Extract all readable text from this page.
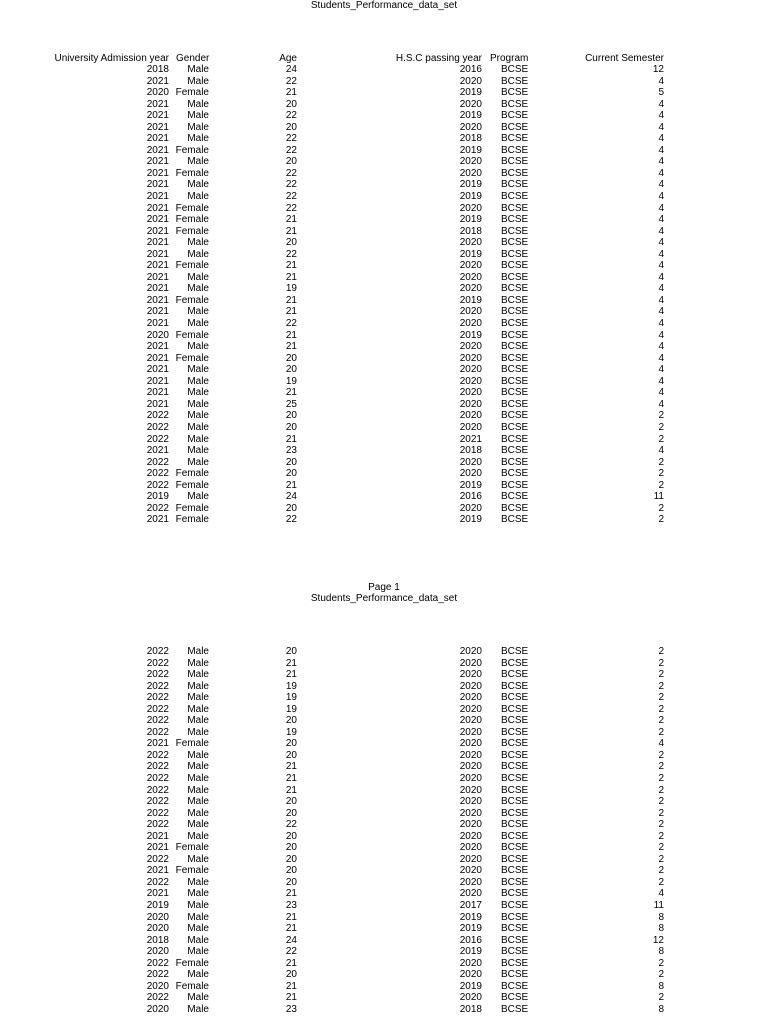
Students_Performance_data_set
University Admission year Gender	Age	H.S.C passing year Program	Current Semester
2018 Male	24	2016 BCSE	12
2021 Male	22	2020 BCSE	4
2020 Female	21	2019 BCSE	5
2021 Male	20	2020 BCSE	4
2021 Male	22	2019 BCSE	4
2021 Male	20	2020 BCSE	4
2021 Male	22	2018 BCSE	4
2021 Female	22	2019 BCSE	4
2021 Male	20	2020 BCSE	4
2021 Female	22	2020 BCSE	4
2021 Male	22	2019 BCSE	4
2021 Male	22	2019 BCSE	4
2021 Female	22	2020 BCSE	4
2021 Female	21	2019 BCSE	4
2021 Female	21	2018 BCSE	4
2021 Male	20	2020 BCSE	4
2021 Male	22	2019 BCSE	4
2021 Female	21	2020 BCSE	4
2021 Male	21	2020 BCSE	4
2021 Male	19	2020 BCSE	4
2021 Female	21	2019 BCSE	4
2021 Male	21	2020 BCSE	4
2021 Male	22	2020 BCSE	4
2020 Female	21	2019 BCSE	4
2021 Male	21	2020 BCSE	4
2021 Female	20	2020 BCSE	4
2021 Male	20	2020 BCSE	4
2021 Male	19	2020 BCSE	4
2021 Male	21	2020 BCSE	4
2021 Male	25	2020 BCSE	4
2022 Male	20	2020 BCSE	2
2022 Male	20	2020 BCSE	2
2022 Male	21	2021 BCSE	2
2021 Male	23	2018 BCSE	4
2022 Male	20	2020 BCSE	2
2022 Female	20	2020 BCSE	2
2022 Female	21	2019 BCSE	2
2019 Male	24	2016 BCSE	11
2022 Female	20	2020 BCSE	2
2021 Female	22	2019 BCSE	2
Page 1
Students_Performance_data_set
2022 Male	20	2020 BCSE	2
2022 Male	21	2020 BCSE	2
2022 Male	21	2020 BCSE	2
2022 Male	19	2020 BCSE	2
2022 Male	19	2020 BCSE	2
2022 Male	19	2020 BCSE	2
2022 Male	20	2020 BCSE	2
2022 Male	19	2020 BCSE	2
2021 Female	20	2020 BCSE	4
2022 Male	20	2020 BCSE	2
2022 Male	21	2020 BCSE	2
2022 Male	21	2020 BCSE	2
2022 Male	21	2020 BCSE	2
2022 Male	20	2020 BCSE	2
2022 Male	20	2020 BCSE	2
2022 Male	22	2020 BCSE	2
2021 Male	20	2020 BCSE	2
2021 Female	20	2020 BCSE	2
2022 Male	20	2020 BCSE	2
2021 Female	20	2020 BCSE	2
2022 Male	20	2020 BCSE	2
2021 Male	21	2020 BCSE	4
2019 Male	23	2017 BCSE	11
2020 Male	21	2019 BCSE	8
2020 Male	21	2019 BCSE	8
2018 Male	24	2016 BCSE	12
2020 Male	22	2019 BCSE	8
2022 Female	21	2020 BCSE	2
2022 Male	20	2020 BCSE	2
2020 Female	21	2019 BCSE	8
2022 Male	21	2020 BCSE	2
2020 Male	23	2018 BCSE	8
